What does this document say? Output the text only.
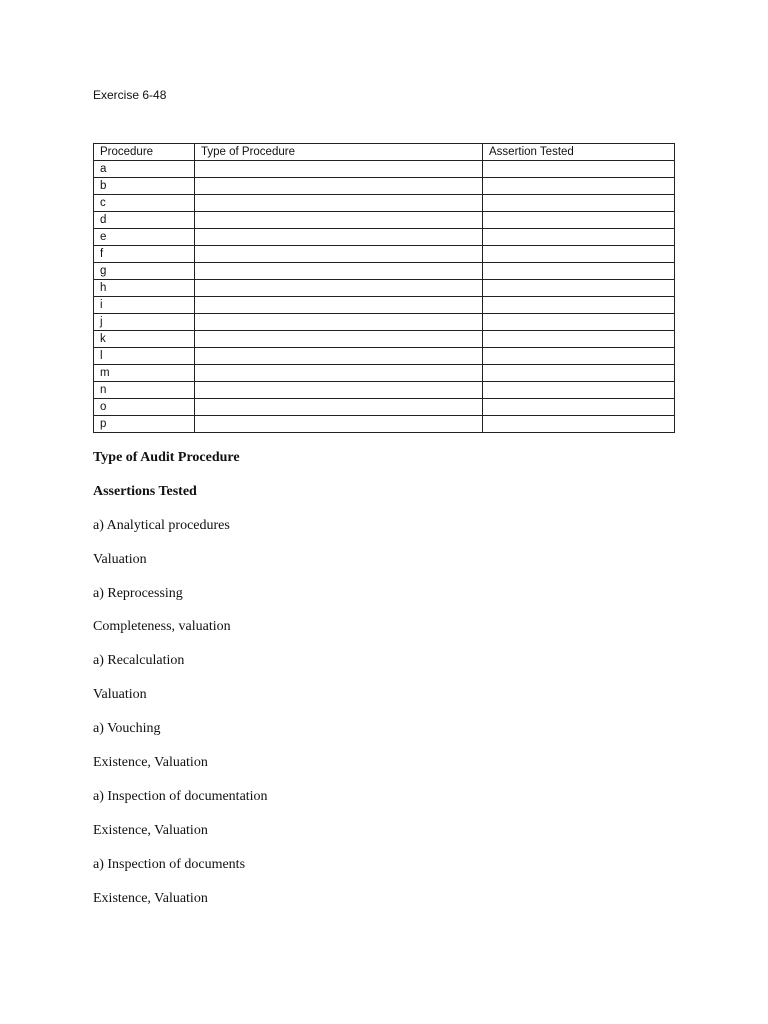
Exercise 6-48
Procedure	Type of Procedure	Assertion Tested
a		
b		
c		
d		
e		
f		
g		
h		
i		
j		
k		
l		
m		
n		
o		
p		
Type of Audit Procedure
Assertions Tested
a) Analytical procedures
Valuation
a) Reprocessing
Completeness, valuation
a) Recalculation
Valuation
a) Vouching
Existence, Valuation
a) Inspection of documentation
Existence, Valuation
a) Inspection of documents
Existence, Valuation
